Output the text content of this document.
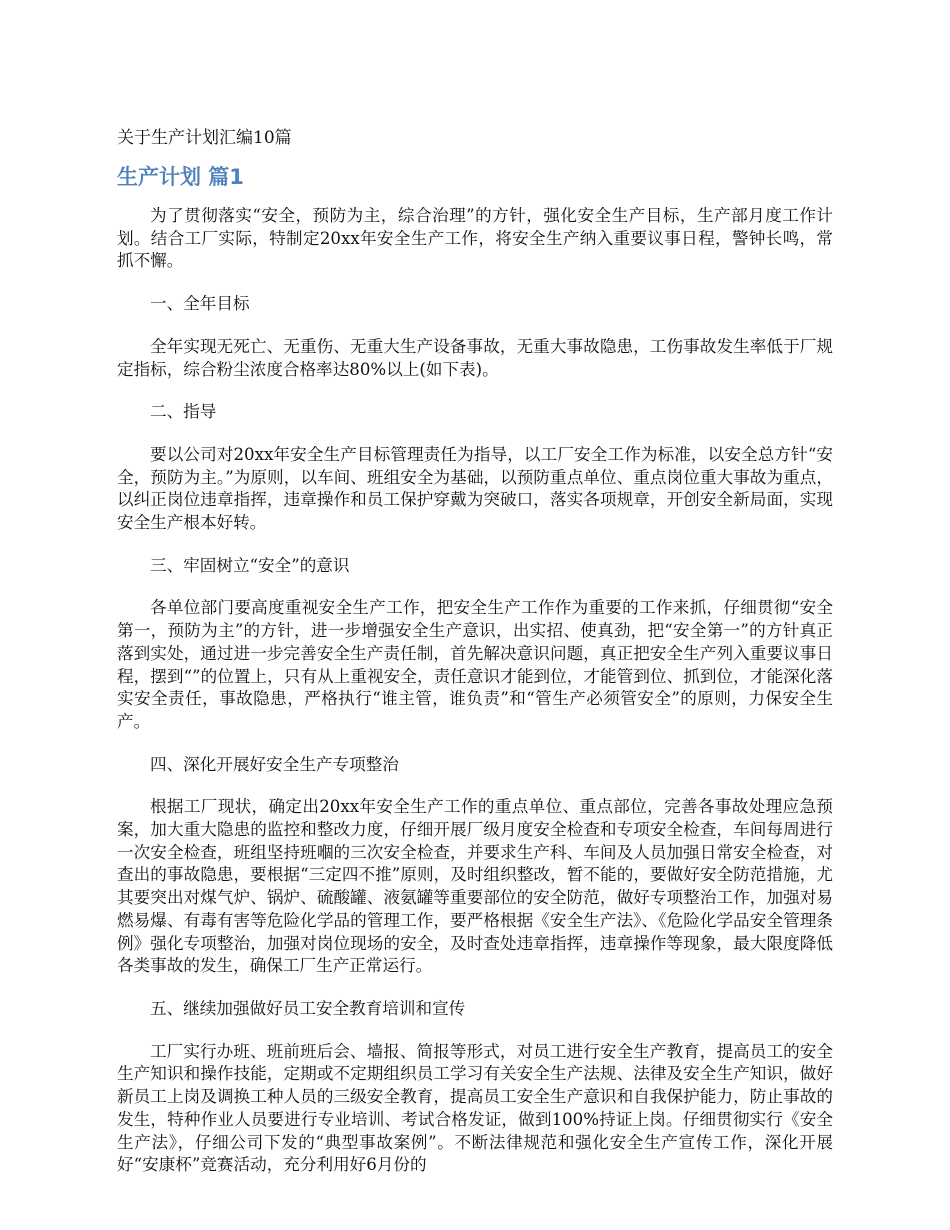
关于生产计划汇编10篇
生产计划 篇1

为了贯彻落实“安全，预防为主，综合治理”的方针，强化安全生产目标，生产部月度工作计划。结合工厂实际，特制定20xx年安全生产工作，将安全生产纳入重要议事日程，警钟长鸣，常抓不懈。

一、全年目标

全年实现无死亡、无重伤、无重大生产设备事故，无重大事故隐患，工伤事故发生率低于厂规定指标，综合粉尘浓度合格率达80%以上(如下表)。

二、指导

要以公司对20xx年安全生产目标管理责任为指导，以工厂安全工作为标准，以安全总方针“安全，预防为主。”为原则，以车间、班组安全为基础，以预防重点单位、重点岗位重大事故为重点，以纠正岗位违章指挥，违章操作和员工保护穿戴为突破口，落实各项规章，开创安全新局面，实现安全生产根本好转。

三、牢固树立“安全”的意识

各单位部门要高度重视安全生产工作，把安全生产工作作为重要的工作来抓，仔细贯彻“安全第一，预防为主”的方针，进一步增强安全生产意识，出实招、使真劲，把“安全第一”的方针真正落到实处，通过进一步完善安全生产责任制，首先解决意识问题，真正把安全生产列入重要议事日程，摆到“”的位置上，只有从上重视安全，责任意识才能到位，才能管到位、抓到位，才能深化落实安全责任，事故隐患，严格执行“谁主管，谁负责”和“管生产必须管安全”的原则，力保安全生产。

四、深化开展好安全生产专项整治

根据工厂现状，确定出20xx年安全生产工作的重点单位、重点部位，完善各事故处理应急预案，加大重大隐患的监控和整改力度，仔细开展厂级月度安全检查和专项安全检查，车间每周进行一次安全检查，班组坚持班嗰的三次安全检查，并要求生产科、车间及人员加强日常安全检查，对查出的事故隐患，要根据“三定四不推”原则，及时组织整改，暂不能的，要做好安全防范措施，尤其要突出对煤气炉、锅炉、硫酸罐、液氨罐等重要部位的安全防范，做好专项整治工作，加强对易燃易爆、有毒有害等危险化学品的管理工作，要严格根据《安全生产法》、《危险化学品安全管理条例》强化专项整治，加强对岗位现场的安全，及时查处违章指挥，违章操作等现象，最大限度降低各类事故的发生，确保工厂生产正常运行。

五、继续加强做好员工安全教育培训和宣传

工厂实行办班、班前班后会、墙报、简报等形式，对员工进行安全生产教育，提高员工的安全生产知识和操作技能，定期或不定期组织员工学习有关安全生产法规、法律及安全生产知识，做好新员工上岗及调换工种人员的三级安全教育，提高员工安全生产意识和自我保护能力，防止事故的发生，特种作业人员要进行专业培训、考试合格发证，做到100%持证上岗。仔细贯彻实行《安全生产法》，仔细公司下发的“典型事故案例”。不断法律规范和强化安全生产宣传工作，深化开展好“安康杯”竞赛活动，充分利用好6月份的
